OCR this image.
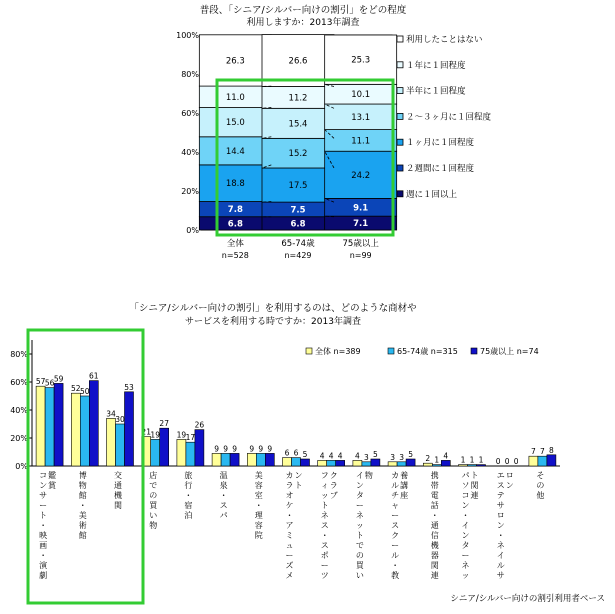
普段、「シニア/シルバー向けの割引」をどの程度
利用しますか：2013年調査
0%
20%
40%
60%
80%
100%
全体
n=528
65-74歳
n=429
75歳以上
n=99
6.8
7.8
18.8
14.4
15.0
11.0
26.3
6.8
7.5
17.5
15.2
15.4
11.2
26.6
7.1
9.1
24.2
11.1
13.1
10.1
25.3
利用したことはない
１年に１回程度
半年に１回程度
２～３ヶ月に１回程度
１ヶ月に１回程度
２週間に１回程度
週に１回以上
「シニア/シルバー向けの割引」を利用するのは、どのような商材や
サービスを利用する時ですか：2013年調査
0%
20%
40%
60%
80%
57 56 59
52 50
61
34
30
53
21 19
27
19 17
26
9 9 9 9 9 9 6 6 5 4 4 4 4 3 5 3 3 5 2 1 4 1 1 1 0 0 0
7 7 8
全体 n=389	65-74歳 n=315	75歳以上 n=74
コンサート・映画・演劇
鑑賞
博物館・美術館
交通機関
店での買い物
旅行・宿泊
温泉・スパ
美容室・理容院
カラオケ・アミューズメ
ント
フィットネス・スポーツ
クラブ
インターネットでの買い
物 カルチャースクール・教
養講座
携帯電話・通信機器関連
パソコン・インターネッ
ト関連
エステサロン・ネイルサ
ロン
その他
シニア/シルバー向けの割引利用者ベース
